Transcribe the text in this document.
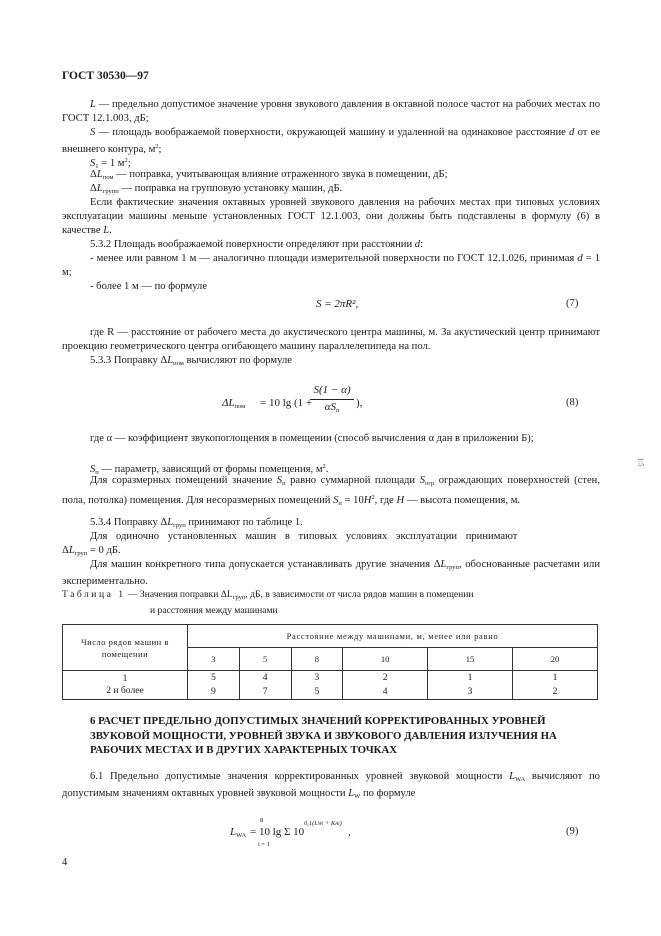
ГОСТ 30530—97
L — предельно допустимое значение уровня звукового давления в октавной полосе частот на рабочих местах по ГОСТ 12.1.003, дБ;
S — площадь воображаемой поверхности, окружающей машину и удаленной на одинаковое расстояние d от ее внешнего контура, $м^2$;
$S_1 = 1$ $м^2$;
$\Delta L_{пом}$ — поправка, учитывающая влияние отраженного звука в помещении, дБ;
$\Delta L_{групп}$ — поправка на групповую установку машин, дБ.
Если фактические значения октавных уровней звукового давления на рабочих местах при типовых условиях эксплуатации машины меньше установленных ГОСТ 12.1.003, они должны быть подставлены в формулу (6) в качестве L.
5.3.2 Площадь воображаемой поверхности определяют при расстоянии d:
- менее или равном 1 м — аналогично площади измерительной поверхности по ГОСТ 12.1.026, принимая d = 1 м;
- более 1 м — по формуле
S = 2πR²,	(7)
где R — расстояние от рабочего места до акустического центра машины, м. За акустический центр принимают проекцию геометрического центра огибающего машину параллелепипеда на пол.
5.3.3 Поправку $\Delta L_{пом}$ вычисляют по формуле
$\Delta L_{пом} = 10$ lg (1 +
S(1 − α)
$\alpha S_п$
),	(8)
где α — коэффициент звукопоглощения в помещении (способ вычисления α дан в приложении Б);
$S_п$ — параметр, зависящий от формы помещения, $м^2$.
Для соразмерных помещений значение $S_п$ равно суммарной площади $S_{огр}$ ограждающих поверхностей (стен, пола, потолка) помещения. Для несоразмерных помещений $S_п = 10H^2$, где H — высота помещения, м.
5.3.4 Поправку $\Delta L_{груп}$ принимают по таблице 1.
Для одиночно установленных машин в типовых условиях эксплуатации принимают
$\Delta L_{груп} = 0$ дБ.
Для машин конкретного типа допускается устанавливать другие значения $\Delta L_{груп}$, обоснованные расчетами или экспериментально.
Таблица 1 — Значения поправки $\Delta L_{груп}$, дБ, в зависимости от числа рядов машин в помещении
и расстояния между машинами
Число рядов машин в помещении	Расстояние между машинами, м, менее или равно					
	3	5	8	10	15	20
1	5	4	3	2	1	1
2 и более	9	7	5	4	3	2
6 РАСЧЕТ ПРЕДЕЛЬНО ДОПУСТИМЫХ ЗНАЧЕНИЙ КОРРЕКТИРОВАННЫХ УРОВНЕЙ ЗВУКОВОЙ МОЩНОСТИ, УРОВНЕЙ ЗВУКА И ЗВУКОВОГО ДАВЛЕНИЯ ИЗЛУЧЕНИЯ НА РАБОЧИХ МЕСТАХ И В ДРУГИХ ХАРАКТЕРНЫХ ТОЧКАХ
6.1 Предельно допустимые значения корректированных уровней звуковой мощности $L_{WA}$ вычисляют по допустимым значениям октавных уровней звуковой мощности $L_W$ по формуле
$L_{WA} = 10$ lg Σ 10
8
i = 1
0,1(LWi + KAi)
,	(9)
4
1:5
